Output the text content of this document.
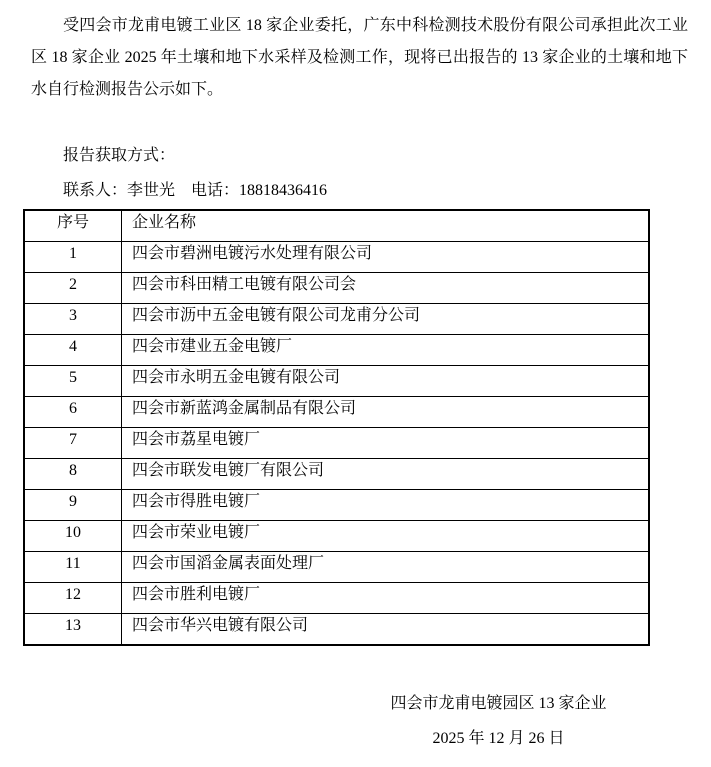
受四会市龙甫电镀工业区 18 家企业委托，广东中科检测技术股份有限公司承担此次工业区 18 家企业 2025 年土壤和地下水采样及检测工作，现将已出报告的 13 家企业的土壤和地下水自行检测报告公示如下。

报告获取方式：

联系人：李世光　电话：18818436416

序号	企业名称
1	四会市碧洲电镀污水处理有限公司
2	四会市科田精工电镀有限公司会
3	四会市沥中五金电镀有限公司龙甫分公司
4	四会市建业五金电镀厂
5	四会市永明五金电镀有限公司
6	四会市新蓝鸿金属制品有限公司
7	四会市荔星电镀厂
8	四会市联发电镀厂有限公司
9	四会市得胜电镀厂
10	四会市荣业电镀厂
11	四会市国滔金属表面处理厂
12	四会市胜利电镀厂
13	四会市华兴电镀有限公司

四会市龙甫电镀园区 13 家企业

2025 年 12 月 26 日
